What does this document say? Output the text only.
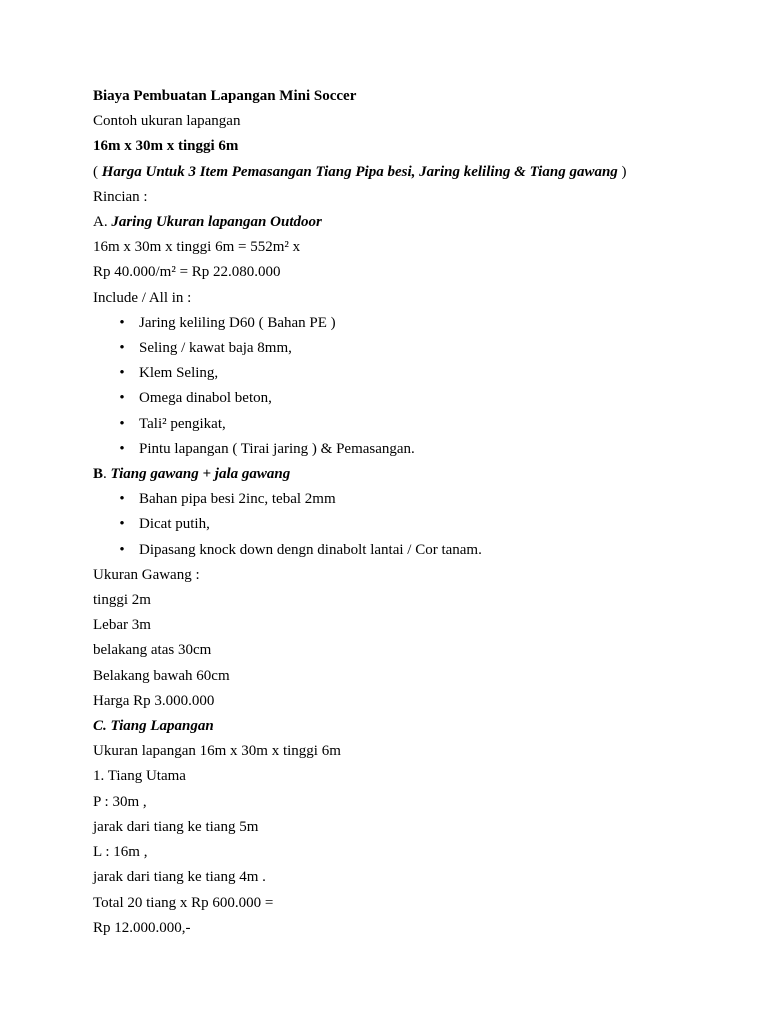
Biaya Pembuatan Lapangan Mini Soccer
Contoh ukuran lapangan
16m x 30m x tinggi 6m
( Harga Untuk 3 Item Pemasangan Tiang Pipa besi, Jaring keliling & Tiang gawang )
Rincian :
A. Jaring Ukuran lapangan Outdoor
16m x 30m x tinggi 6m = 552m² x
Rp 40.000/m² = Rp 22.080.000
Include / All in :
• Jaring keliling D60 ( Bahan PE )
• Seling / kawat baja 8mm,
• Klem Seling,
• Omega dinabol beton,
• Tali² pengikat,
• Pintu lapangan ( Tirai jaring ) & Pemasangan.
B. Tiang gawang + jala gawang
• Bahan pipa besi 2inc, tebal 2mm
• Dicat putih,
• Dipasang knock down dengn dinabolt lantai / Cor tanam.
Ukuran Gawang :
tinggi 2m
Lebar 3m
belakang atas 30cm
Belakang bawah 60cm
Harga Rp 3.000.000
C. Tiang Lapangan
Ukuran lapangan 16m x 30m x tinggi 6m
1. Tiang Utama
P : 30m ,
jarak dari tiang ke tiang 5m
L : 16m ,
jarak dari tiang ke tiang 4m .
Total 20 tiang x Rp 600.000 =
Rp 12.000.000,-
